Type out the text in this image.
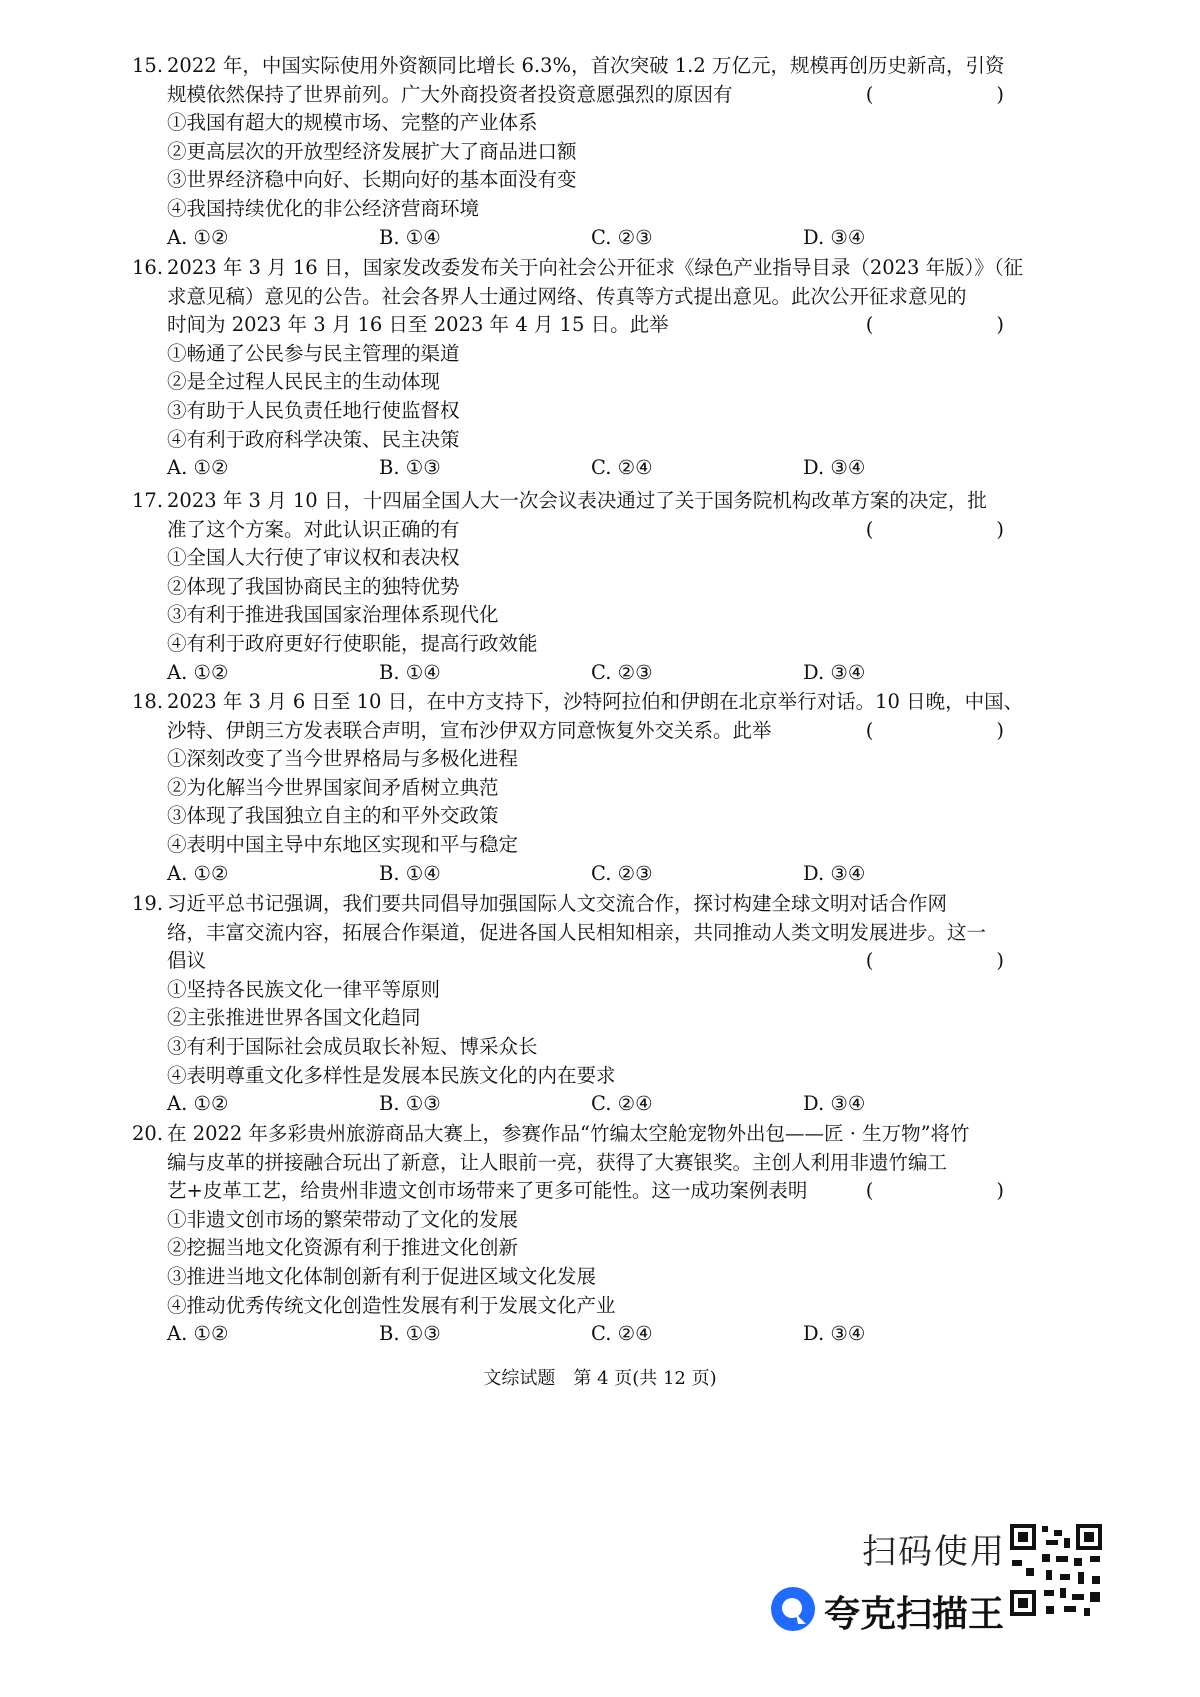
15. 2022 年，中国实际使用外资额同比增长 6.3%，首次突破 1.2 万亿元，规模再创历史新高，引资
规模依然保持了世界前列。广大外商投资者投资意愿强烈的原因有	(　　)
①我国有超大的规模市场、完整的产业体系
②更高层次的开放型经济发展扩大了商品进口额
③世界经济稳中向好、长期向好的基本面没有变
④我国持续优化的非公经济营商环境
A. ①②	B. ①④	C. ②③	D. ③④
16. 2023 年 3 月 16 日，国家发改委发布关于向社会公开征求《绿色产业指导目录（2023 年版）》（征
求意见稿）意见的公告。社会各界人士通过网络、传真等方式提出意见。此次公开征求意见的
时间为 2023 年 3 月 16 日至 2023 年 4 月 15 日。此举	(　　)
①畅通了公民参与民主管理的渠道
②是全过程人民民主的生动体现
③有助于人民负责任地行使监督权
④有利于政府科学决策、民主决策
A. ①②	B. ①③	C. ②④	D. ③④
17. 2023 年 3 月 10 日，十四届全国人大一次会议表决通过了关于国务院机构改革方案的决定，批
准了这个方案。对此认识正确的有	(　　)
①全国人大行使了审议权和表决权
②体现了我国协商民主的独特优势
③有利于推进我国国家治理体系现代化
④有利于政府更好行使职能，提高行政效能
A. ①②	B. ①④	C. ②③	D. ③④
18. 2023 年 3 月 6 日至 10 日，在中方支持下，沙特阿拉伯和伊朗在北京举行对话。10 日晚，中国、
沙特、伊朗三方发表联合声明，宣布沙伊双方同意恢复外交关系。此举	(　　)
①深刻改变了当今世界格局与多极化进程
②为化解当今世界国家间矛盾树立典范
③体现了我国独立自主的和平外交政策
④表明中国主导中东地区实现和平与稳定
A. ①②	B. ①④	C. ②③	D. ③④
19. 习近平总书记强调，我们要共同倡导加强国际人文交流合作，探讨构建全球文明对话合作网
络，丰富交流内容，拓展合作渠道，促进各国人民相知相亲，共同推动人类文明发展进步。这一
倡议	(　　)
①坚持各民族文化一律平等原则
②主张推进世界各国文化趋同
③有利于国际社会成员取长补短、博采众长
④表明尊重文化多样性是发展本民族文化的内在要求
A. ①②	B. ①③	C. ②④	D. ③④
20. 在 2022 年多彩贵州旅游商品大赛上，参赛作品“竹编太空舱宠物外出包——匠 · 生万物”将竹
编与皮革的拼接融合玩出了新意，让人眼前一亮，获得了大赛银奖。主创人利用非遗竹编工
艺+皮革工艺，给贵州非遗文创市场带来了更多可能性。这一成功案例表明	(　　)
①非遗文创市场的繁荣带动了文化的发展
②挖掘当地文化资源有利于推进文化创新
③推进当地文化体制创新有利于促进区域文化发展
④推动优秀传统文化创造性发展有利于发展文化产业
A. ①②	B. ①③	C. ②④	D. ③④
文综试题　第 4 页(共 12 页)
扫码使用
夸克扫描王
